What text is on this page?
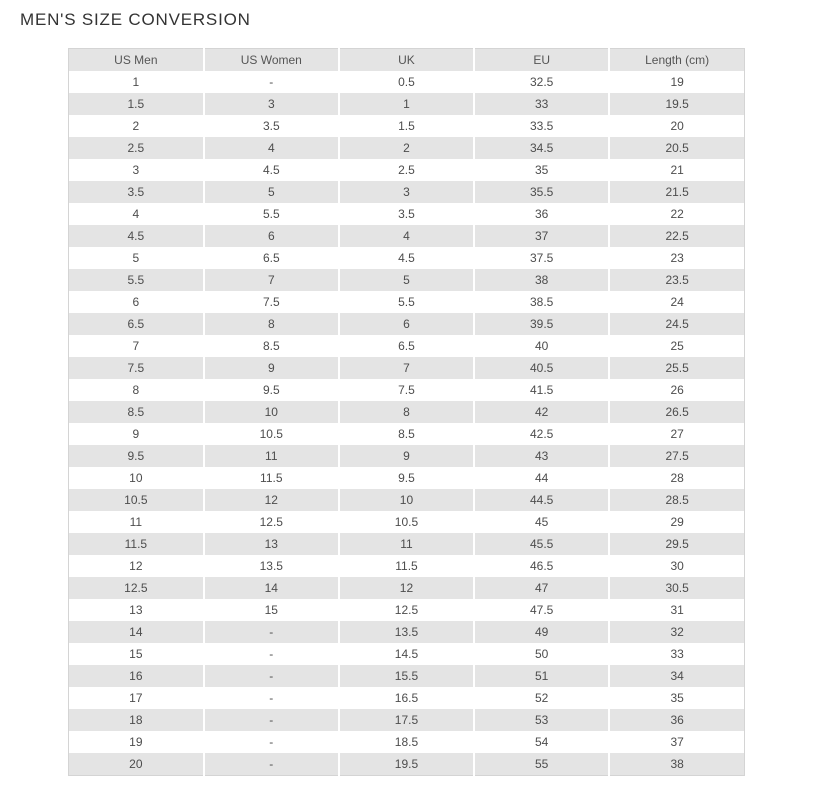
MEN'S SIZE CONVERSION
US Men	US Women	UK	EU	Length (cm)
1	-	0.5	32.5	19
1.5	3	1	33	19.5
2	3.5	1.5	33.5	20
2.5	4	2	34.5	20.5
3	4.5	2.5	35	21
3.5	5	3	35.5	21.5
4	5.5	3.5	36	22
4.5	6	4	37	22.5
5	6.5	4.5	37.5	23
5.5	7	5	38	23.5
6	7.5	5.5	38.5	24
6.5	8	6	39.5	24.5
7	8.5	6.5	40	25
7.5	9	7	40.5	25.5
8	9.5	7.5	41.5	26
8.5	10	8	42	26.5
9	10.5	8.5	42.5	27
9.5	11	9	43	27.5
10	11.5	9.5	44	28
10.5	12	10	44.5	28.5
11	12.5	10.5	45	29
11.5	13	11	45.5	29.5
12	13.5	11.5	46.5	30
12.5	14	12	47	30.5
13	15	12.5	47.5	31
14	-	13.5	49	32
15	-	14.5	50	33
16	-	15.5	51	34
17	-	16.5	52	35
18	-	17.5	53	36
19	-	18.5	54	37
20	-	19.5	55	38
